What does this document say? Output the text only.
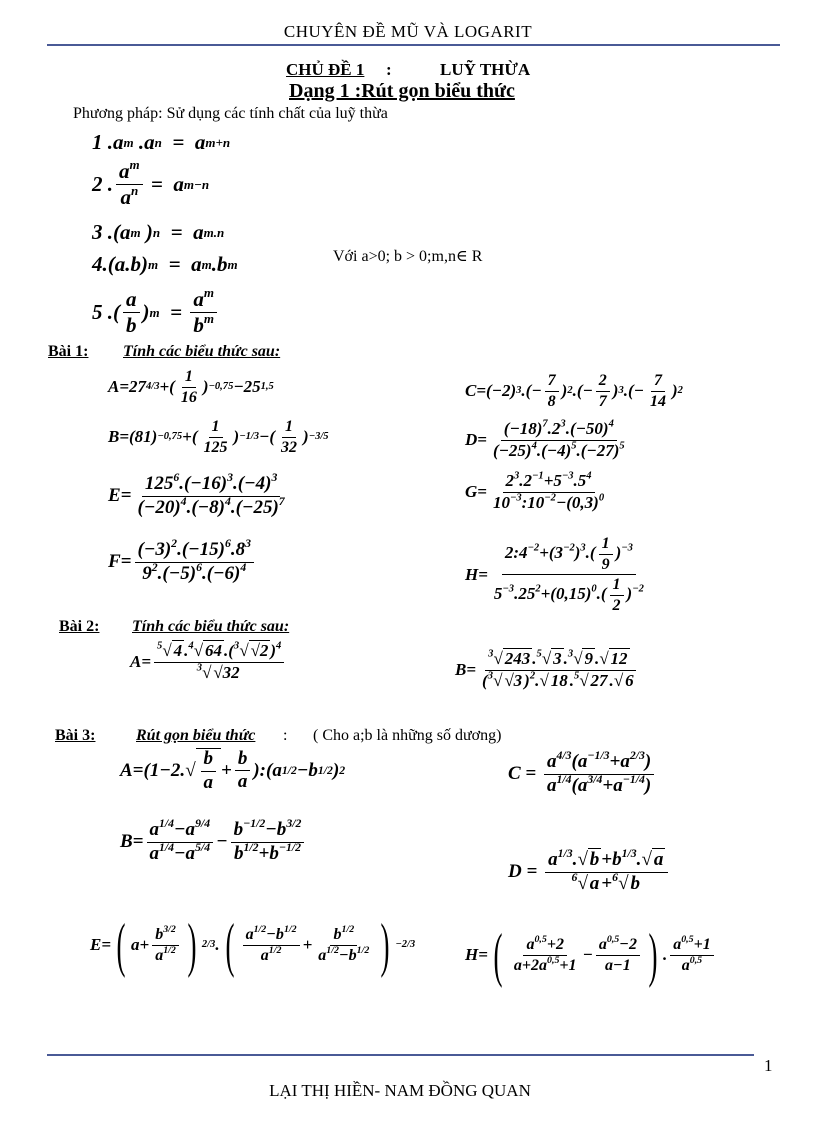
CHUYÊN ĐỀ MŨ VÀ LOGARIT
CHỦ ĐỀ 1 :	LUỸ THỪA
Dạng 1 :Rút gọn biểu thức
Phương pháp: Sử dụng các tính chất của luỹ thừa
1 .a m .a n =  a m+n
2 . $\frac{a^m}{a^n} = a$ m−n
3 .(a m ) n =  a m.n
4 .(a.b) m =  a m .b m	Với a>0; b > 0;m,n∈ R
5 .( $\frac{a}{b}$ ) $m = \frac{a^m}{b^m}$
Bài 1: Tính các biểu thức sau:
A=27 4/3 +( $\frac{1}{16}$ ) −0,75 −25 1,5	C=(−2) 3 .(− $\frac{7}{8}$ ) 2 .(− $\frac{2}{7}$ ) 3 .(− $\frac{7}{14}$ ) 2
B=(81) −0,75 +( $\frac{1}{125}$ ) −1/3 −( $\frac{1}{32}$ ) −3/5	$D= \frac{(-18)^7.2^3.(-50)^4}{(-25)^4.(-4)^5.(-27)^5}$
$E= \frac{125^6.(-16)^3.(-4)^3}{(-20)^4.(-8)^4.(-25)^7}$	$G= \frac{2^3.2^{-1}+5^{-3}.5^4}{10^{-3}:10^{-2}-(0,3)^0}$
$F= \frac{(-3)^2.(-15)^6.8^3}{9^2.(-5)^6.(-6)^4}$	$H= \frac{2:4^{-2}+(3^{-2})^3.( \frac{1}{9} )^{-3}}{5^{-3}.25^2+(0,15)^0.( \frac{1}{2} )^{-2}}$
Bài 2: Tính các biểu thức sau:
$A= \frac{^5√ 4 .^4√ 64 .(^3√ √2 )^4}{^3√ √32}$	$B= \frac{^3√ 243 .^5√ 3 .^3√ 9 .√ 12}{(^3√ √3 )^2.√ 18 .^5√ 27 .√ 6}$
Bài 3:	Rút gọn biểu thức : ( Cho a;b là những số dương)
$A=(1-2.√ \frac{b}{a} + \frac{b}{a}$ ):(a 1/2 −b 1/2 ) 2	$C = \frac{a^{4/3}(a^{-1/3}+a^{2/3})}{a^{1/4}(a^{3/4}+a^{-1/4})}$
$B= \frac{a^{1/4}-a^{9/4}}{a^{1/4}-a^{5/4}} - \frac{b^{-1/2}-b^{3/2}}{b^{1/2}+b^{-1/2}}$
$D = \frac{a^{1/3}.√ b +b^{1/3}.√ a}{^6√ a +^6√ b}$
E= ( $a+ \frac{b^{3/2}}{a^{1/2}}$ ) 2/3 . ( $\frac{a^{1/2}-b^{1/2}}{a^{1/2}} + \frac{b^{1/2}}{a^{1/2}-b^{1/2}}$ ) −2/3
H= ( $\frac{a^{0,5}+2}{a+2a^{0,5}+1} - \frac{a^{0,5}-2}{a-1}$ ) . $\frac{a^{0,5}+1}{a^{0,5}}$
1
LẠI THỊ HIỀN- NAM ĐỒNG QUAN
